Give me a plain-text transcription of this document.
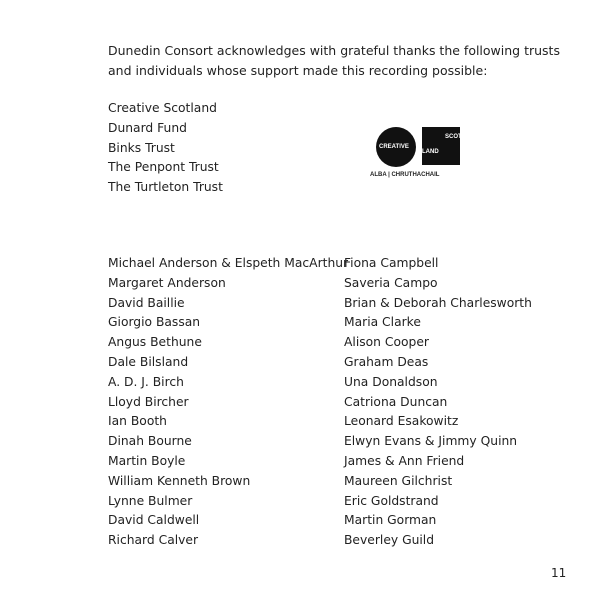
Dunedin Consort acknowledges with grateful thanks the following trusts and individuals whose support made this recording possible:

Creative Scotland
Dunard Fund
Binks Trust
The Penpont Trust
The Turtleton Trust
CREATIVE
SCOT
LAND
ALBA | CHRUTHACHAIL
Michael Anderson & Elspeth MacArthur
Margaret Anderson
David Baillie
Giorgio Bassan
Angus Bethune
Dale Bilsland
A. D. J. Birch
Lloyd Bircher
Ian Booth
Dinah Bourne
Martin Boyle
William Kenneth Brown
Lynne Bulmer
David Caldwell
Richard Calver
Fiona Campbell
Saveria Campo
Brian & Deborah Charlesworth
Maria Clarke
Alison Cooper
Graham Deas
Una Donaldson
Catriona Duncan
Leonard Esakowitz
Elwyn Evans & Jimmy Quinn
James & Ann Friend
Maureen Gilchrist
Eric Goldstrand
Martin Gorman
Beverley Guild
11
